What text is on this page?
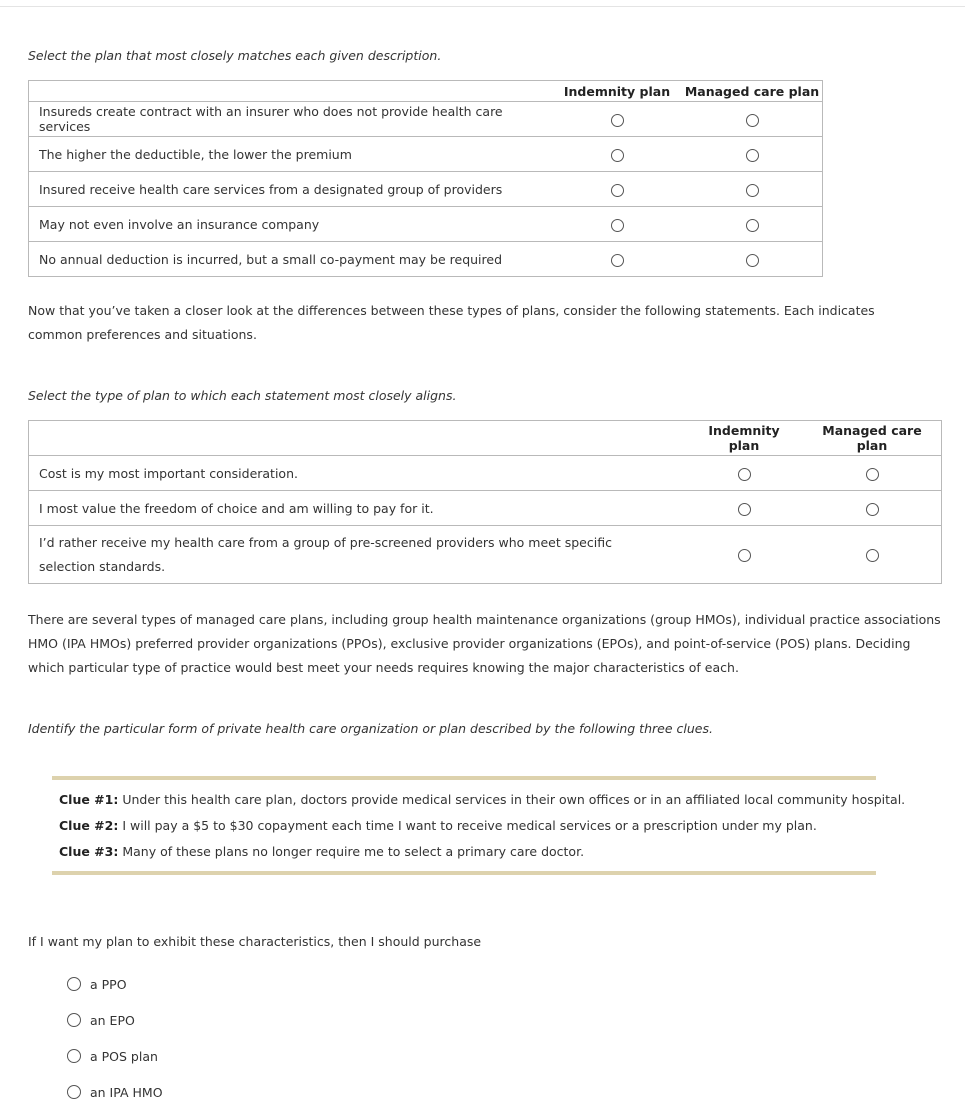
Select the plan that most closely matches each given description.
	Indemnity plan	Managed care plan
Insureds create contract with an insurer who does not provide health care services		
The higher the deductible, the lower the premium		
Insured receive health care services from a designated group of providers		
May not even involve an insurance company		
No annual deduction is incurred, but a small co-payment may be required		
Now that you’ve taken a closer look at the differences between these types of plans, consider the following statements. Each indicates common preferences and situations.
Select the type of plan to which each statement most closely aligns.

	Indemnity plan	Managed care plan

Cost is my most important consideration.		
I most value the freedom of choice and am willing to pay for it.		

I’d rather receive my health care from a group of pre-screened providers who meet specific selection standards.		

There are several types of managed care plans, including group health maintenance organizations (group HMOs), individual practice associations HMO (IPA HMOs) preferred provider organizations (PPOs), exclusive provider organizations (EPOs), and point-of-service (POS) plans. Deciding which particular type of practice would best meet your needs requires knowing the major characteristics of each.
Identify the particular form of private health care organization or plan described by the following three clues.
Clue #1: Under this health care plan, doctors provide medical services in their own offices or in an affiliated local community hospital.
Clue #2: I will pay a $5 to $30 copayment each time I want to receive medical services or a prescription under my plan.
Clue #3: Many of these plans no longer require me to select a primary care doctor.
If I want my plan to exhibit these characteristics, then I should purchase
a PPO
an EPO
a POS plan
an IPA HMO
